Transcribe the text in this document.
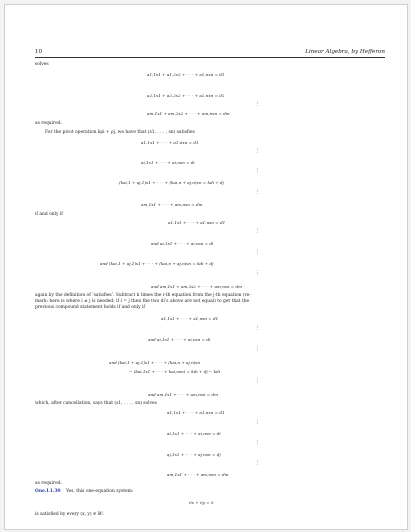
10	Linear Algebra, by Hefferon
solves
a1,1x1 + a1,2x2 + · · · + a1,nxn = d1
a2,1x1 + a2,2x2 + · · · + a2,nxn = d2
.
.
.
am,1x1 + am,2x2 + · · · + am,nxn = dm
as required.
For the pivot operation kρi + ρj, we have that (s1, . . . , sn) satisfies
a1,1x1 + · · · + a1,nxn = d1
.
.
.
ai,1x1 + · · · + ai,nxn = di
.
.
.
(kai,1 + aj,1)x1 + · · · + (kai,n + aj,n)xn = kdi + dj
.
.
.
am,1x1 + · · · + am,nxn = dm
if and only if
a1,1s1 + · · · + a1,nsn = d1
.
.
.
and ai,1s1 + · · · + ai,nsn = di
.
.
.
and (kai,1 + aj,1)s1 + · · · + (kai,n + aj,n)sn = kdi + dj
.
.
.
and am,1s1 + am,2s2 + · · · + am,nsn = dm
again by the definition of ‘satisfies’. Subtract k times the i-th equation from the j-th equation (re-
mark: here is where i ≠ j is needed; if i = j then the two di’s above are not equal) to get that the
previous compound statement holds if and only if
a1,1s1 + · · · + a1,nsn = d1
.
.
.
and ai,1s1 + · · · + ai,nsn = di
.
.
.
and (kai,1 + aj,1)s1 + · · · + (kai,n + aj,n)sn
− (kai,1s1 + · · · + kai,nsn) = kdi + dj − kdi
.
.
.
and am,1s1 + · · · + am,nsn = dm
which, after cancellation, says that (s1, . . . , sn) solves
a1,1x1 + · · · + a1,nxn = d1
.
.
.
ai,1x1 + · · · + ai,nxn = di
.
.
.
aj,1x1 + · · · + aj,nxn = dj
.
.
.
am,1x1 + · · · + am,nxn = dm
as required.
One.I.1.30 Yes, this one-equation system:
0x + 0y = 0
is satisfied by every (x, y) ∈ ℝ².
